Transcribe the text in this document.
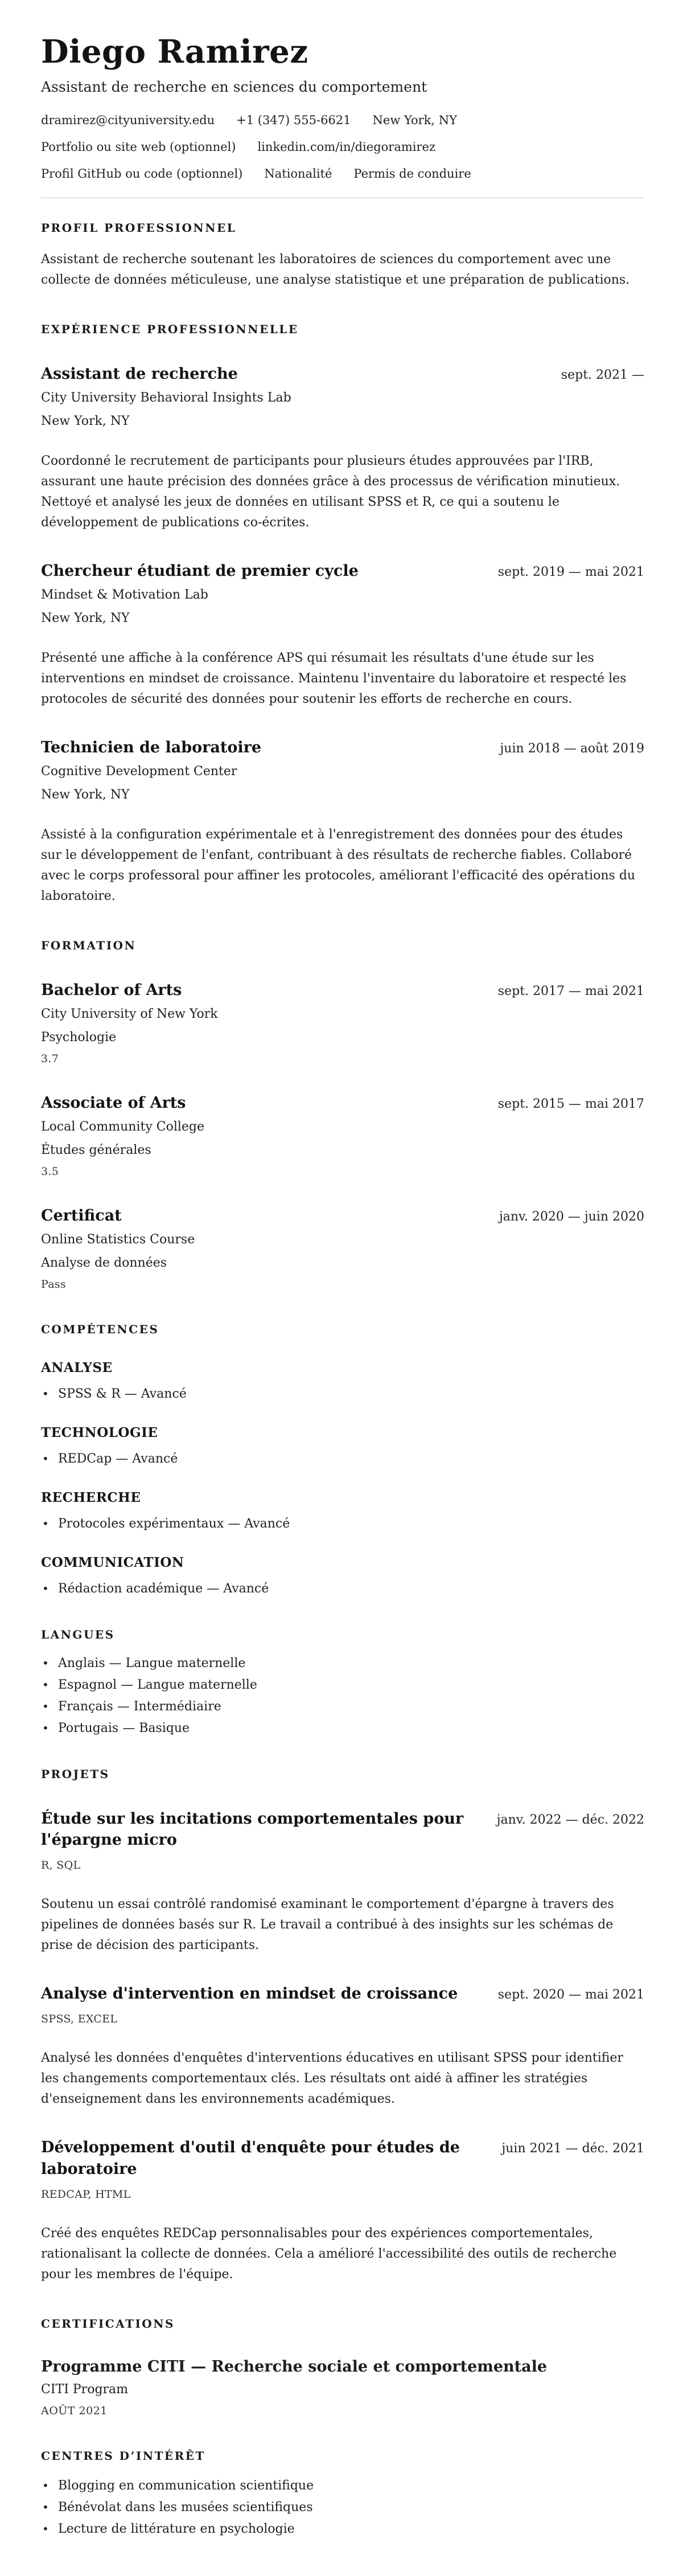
Diego Ramirez
Assistant de recherche en sciences du comportement
dramirez@cityuniversity.edu +1 (347) 555-6621 New York, NY
Portfolio ou site web (optionnel) linkedin.com/in/diegoramirez
Profil GitHub ou code (optionnel) Nationalité Permis de conduire
PROFIL PROFESSIONNEL

Assistant de recherche soutenant les laboratoires de sciences du comportement avec une collecte de données méticuleuse, une analyse statistique et une préparation de publications.

EXPÉRIENCE PROFESSIONNELLE
Assistant de recherche	sept. 2021 —
City University Behavioral Insights Lab
New York, NY

Coordonné le recrutement de participants pour plusieurs études approuvées par l'IRB, assurant une haute précision des données grâce à des processus de vérification minutieux. Nettoyé et analysé les jeux de données en utilisant SPSS et R, ce qui a soutenu le développement de publications co-écrites.

Chercheur étudiant de premier cycle	sept. 2019 — mai 2021
Mindset & Motivation Lab
New York, NY

Présenté une affiche à la conférence APS qui résumait les résultats d'une étude sur les interventions en mindset de croissance. Maintenu l'inventaire du laboratoire et respecté les protocoles de sécurité des données pour soutenir les efforts de recherche en cours.

Technicien de laboratoire	juin 2018 — août 2019
Cognitive Development Center
New York, NY

Assisté à la configuration expérimentale et à l'enregistrement des données pour des études sur le développement de l'enfant, contribuant à des résultats de recherche fiables. Collaboré avec le corps professoral pour affiner les protocoles, améliorant l'efficacité des opérations du laboratoire.

FORMATION
Bachelor of Arts	sept. 2017 — mai 2021
City University of New York
Psychologie
3.7
Associate of Arts	sept. 2015 — mai 2017
Local Community College
Études générales
3.5
Certificat	janv. 2020 — juin 2020
Online Statistics Course
Analyse de données
Pass
COMPÉTENCES
ANALYSE
• SPSS & R — Avancé
TECHNOLOGIE
• REDCap — Avancé
RECHERCHE
• Protocoles expérimentaux — Avancé
COMMUNICATION
• Rédaction académique — Avancé
LANGUES
• Anglais — Langue maternelle
• Espagnol — Langue maternelle
• Français — Intermédiaire
• Portugais — Basique
PROJETS
Étude sur les incitations comportementales pour l'épargne micro
janv. 2022 — déc. 2022
R, SQL

Soutenu un essai contrôlé randomisé examinant le comportement d'épargne à travers des pipelines de données basés sur R. Le travail a contribué à des insights sur les schémas de prise de décision des participants.

Analyse d'intervention en mindset de croissance	sept. 2020 — mai 2021
SPSS, EXCEL

Analysé les données d'enquêtes d'interventions éducatives en utilisant SPSS pour identifier les changements comportementaux clés. Les résultats ont aidé à affiner les stratégies d'enseignement dans les environnements académiques.

Développement d'outil d'enquête pour études de laboratoire
juin 2021 — déc. 2021
REDCAP, HTML

Créé des enquêtes REDCap personnalisables pour des expériences comportementales, rationalisant la collecte de données. Cela a amélioré l'accessibilité des outils de recherche pour les membres de l'équipe.

CERTIFICATIONS
Programme CITI — Recherche sociale et comportementale
CITI Program
AOÛT 2021
CENTRES D’INTÉRÊT
• Blogging en communication scientifique
• Bénévolat dans les musées scientifiques
• Lecture de littérature en psychologie
